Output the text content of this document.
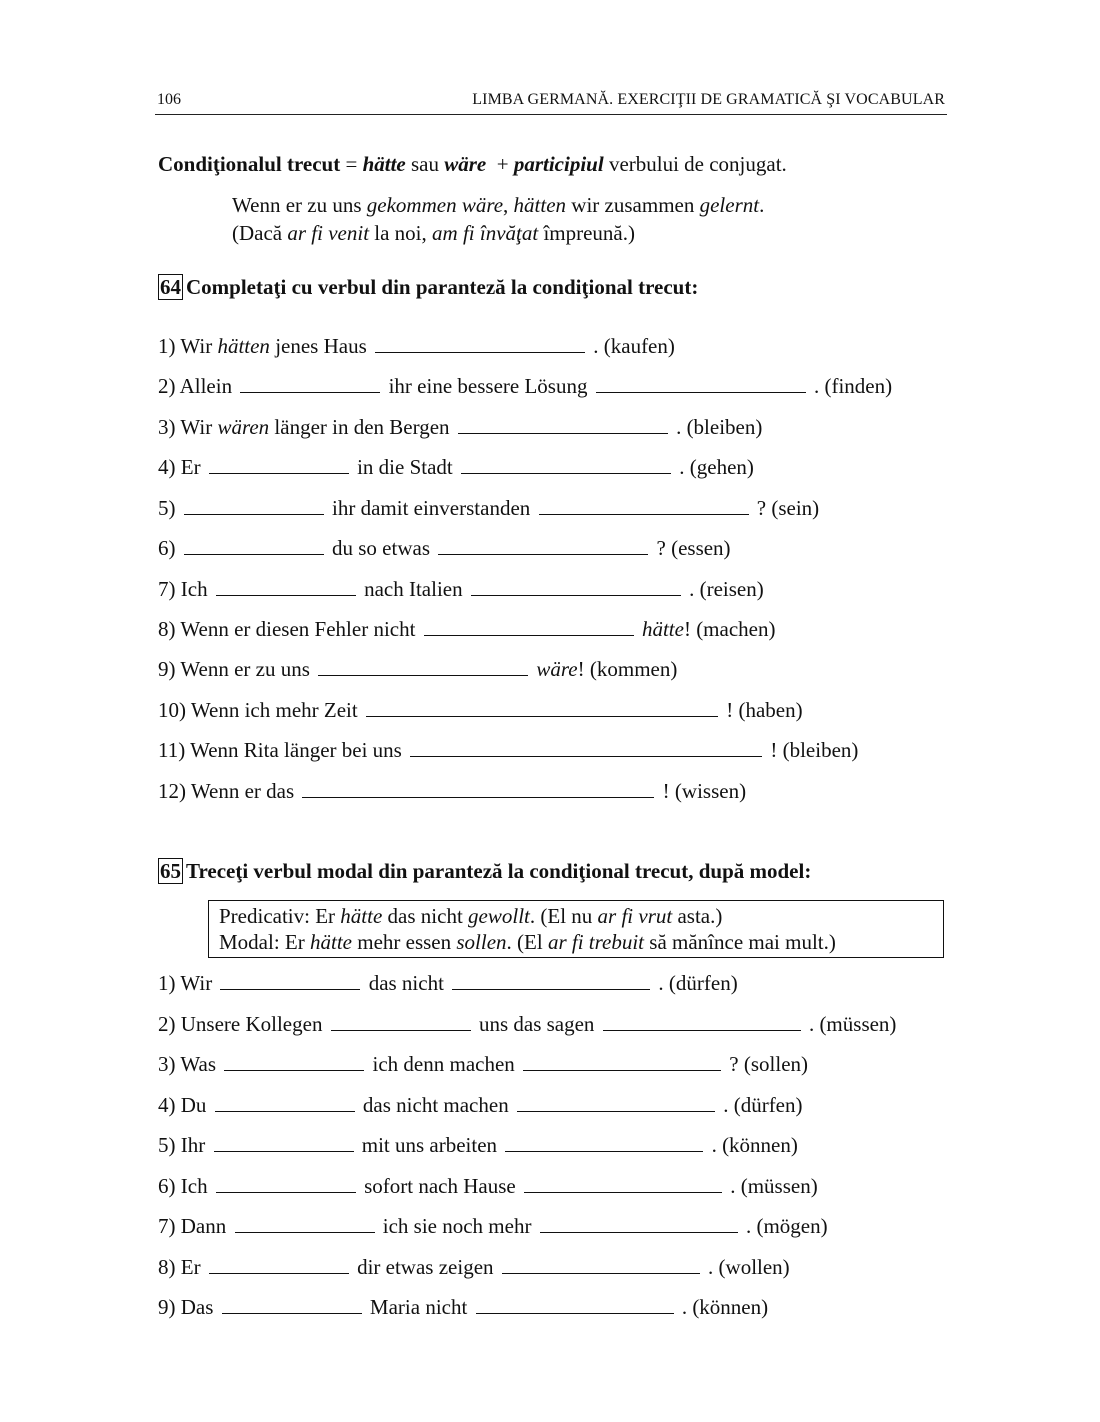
106	LIMBA GERMANĂ. EXERCIŢII DE GRAMATICĂ ŞI VOCABULAR
Condiţionalul trecut = hätte sau wäre + participiul verbului de conjugat.
Wenn er zu uns gekommen wäre, hätten wir zusammen gelernt.
(Dacă ar fi venit la noi, am fi învăţat împreună.)
64 Completaţi cu verbul din paranteză la condiţional trecut:
1) Wir hätten jenes Haus	. (kaufen)
2) Allein	ihr eine bessere Lösung	. (finden)
3) Wir wären länger in den Bergen	. (bleiben)
4) Er	in die Stadt	. (gehen)
5)	ihr damit einverstanden	? (sein)
6)	du so etwas	? (essen)
7) Ich	nach Italien	. (reisen)
8) Wenn er diesen Fehler nicht	hätte! (machen)
9) Wenn er zu uns	wäre! (kommen)
10) Wenn ich mehr Zeit	! (haben)
11) Wenn Rita länger bei uns	! (bleiben)
12) Wenn er das	! (wissen)
65 Treceţi verbul modal din paranteză la condiţional trecut, după model:
Predicativ: Er hätte das nicht gewollt. (El nu ar fi vrut asta.)
Modal: Er hätte mehr essen sollen. (El ar fi trebuit să mănînce mai mult.)
1) Wir	das nicht	. (dürfen)
2) Unsere Kollegen	uns das sagen	. (müssen)
3) Was	ich denn machen	? (sollen)
4) Du	das nicht machen	. (dürfen)
5) Ihr	mit uns arbeiten	. (können)
6) Ich	sofort nach Hause	. (müssen)
7) Dann	ich sie noch mehr	. (mögen)
8) Er	dir etwas zeigen	. (wollen)
9) Das	Maria nicht	. (können)
